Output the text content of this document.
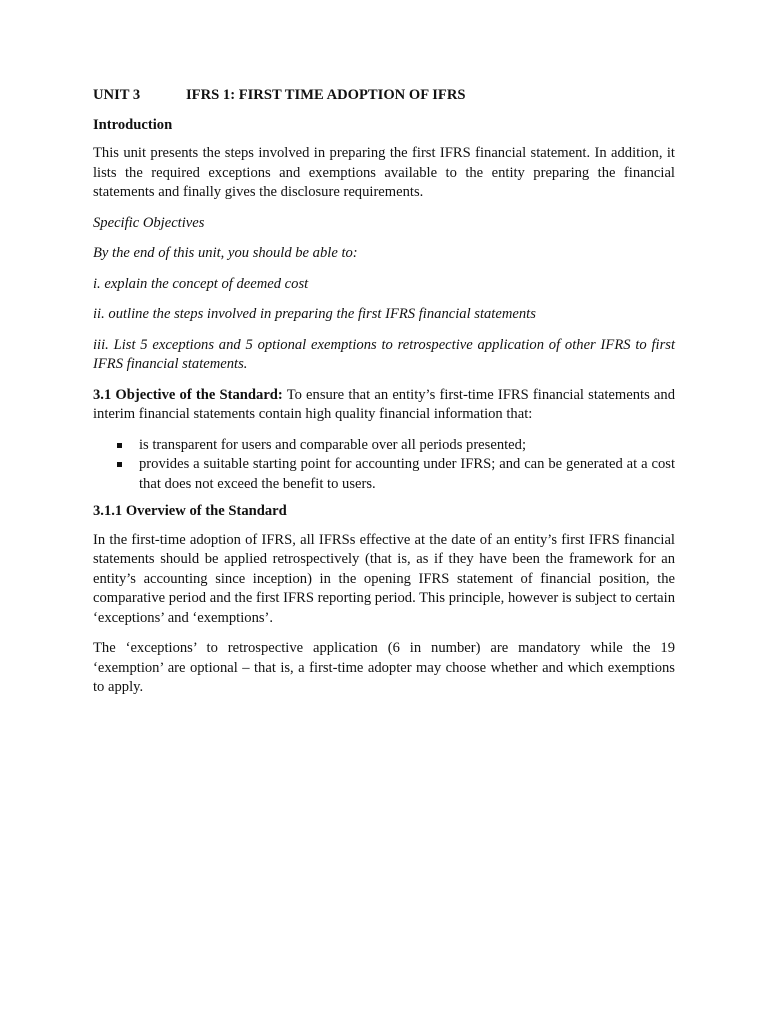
UNIT 3	IFRS 1: FIRST TIME ADOPTION OF IFRS
Introduction

This unit presents the steps involved in preparing the first IFRS financial statement. In addition, it lists the required exceptions and exemptions available to the entity preparing the financial statements and finally gives the disclosure requirements.

Specific Objectives

By the end of this unit, you should be able to:

i. explain the concept of deemed cost

ii. outline the steps involved in preparing the first IFRS financial statements

iii. List 5 exceptions and 5 optional exemptions to retrospective application of other IFRS to first IFRS financial statements.

3.1 Objective of the Standard: To ensure that an entity’s first-time IFRS financial statements and interim financial statements contain high quality financial information that:

is transparent for users and comparable over all periods presented;
provides a suitable starting point for accounting under IFRS; and can be generated at a cost that does not exceed the benefit to users.
3.1.1 Overview of the Standard

In the first-time adoption of IFRS, all IFRSs effective at the date of an entity’s first IFRS financial statements should be applied retrospectively (that is, as if they have been the framework for an entity’s accounting since inception) in the opening IFRS statement of financial position, the comparative period and the first IFRS reporting period. This principle, however is subject to certain ‘exceptions’ and ‘exemptions’.

The ‘exceptions’ to retrospective application (6 in number) are mandatory while the 19 ‘exemption’ are optional – that is, a first-time adopter may choose whether and which exemptions to apply.
